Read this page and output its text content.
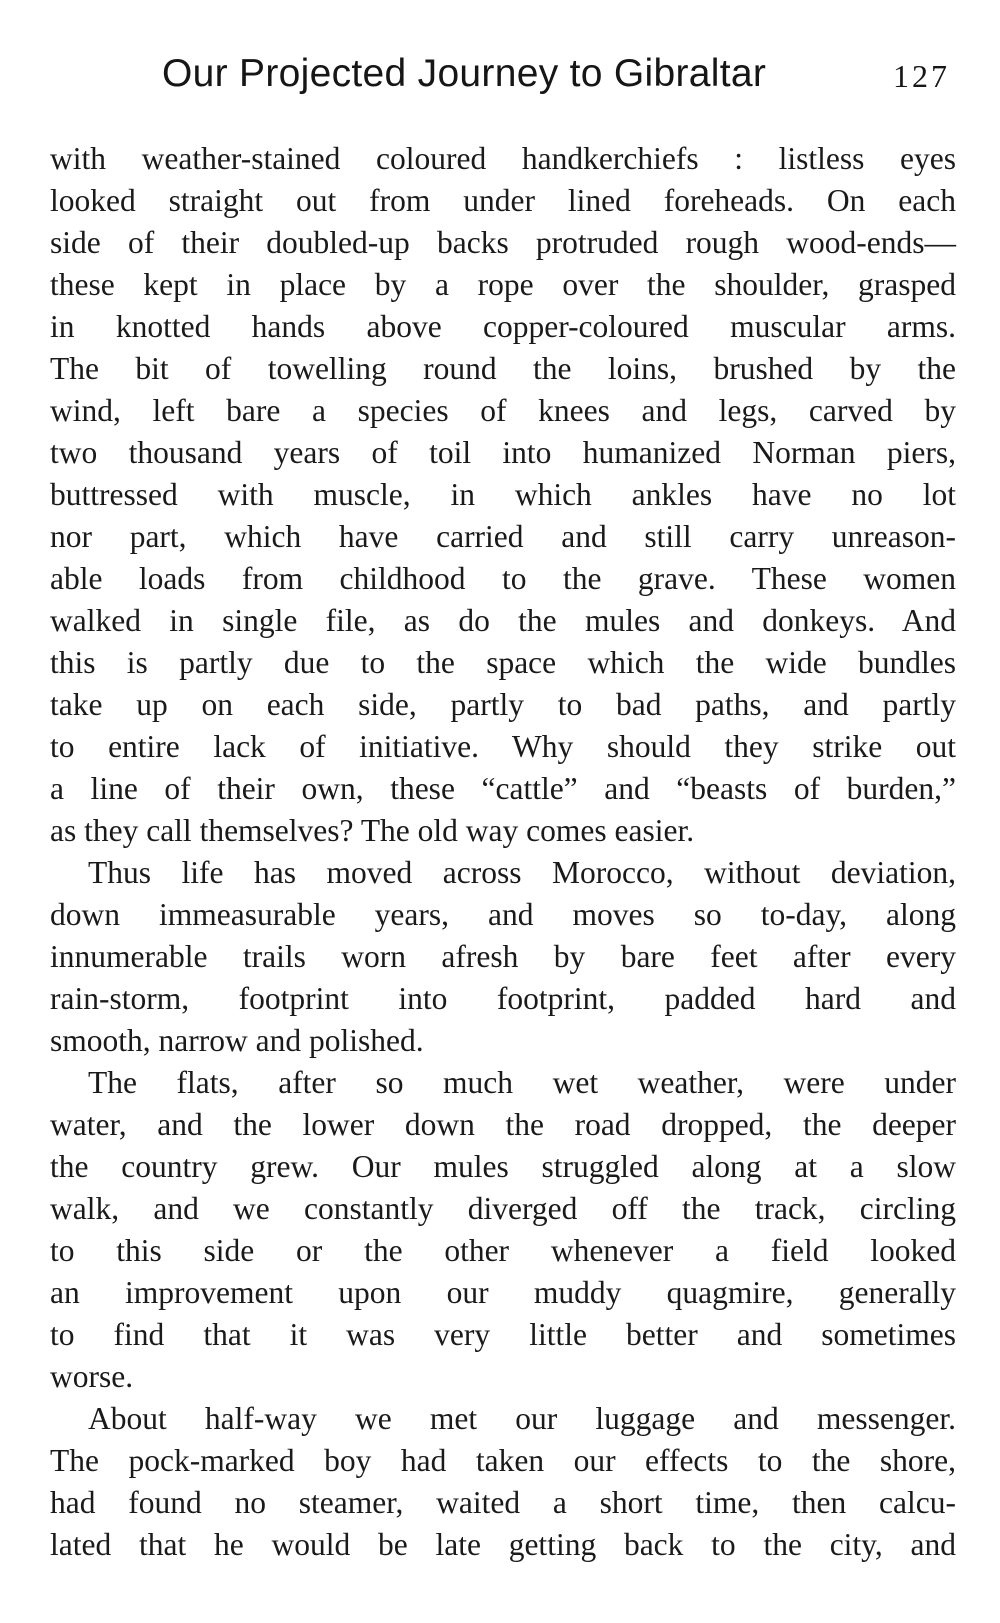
Our Projected Journey to Gibraltar	127
with weather-stained coloured handkerchiefs : listless eyes
looked straight out from under lined foreheads. On each
side of their doubled-up backs protruded rough wood-ends—
these kept in place by a rope over the shoulder, grasped
in knotted hands above copper-coloured muscular arms.
The bit of towelling round the loins, brushed by the
wind, left bare a species of knees and legs, carved by
two thousand years of toil into humanized Norman piers,
buttressed with muscle, in which ankles have no lot
nor part, which have carried and still carry unreason-
able loads from childhood to the grave. These women
walked in single file, as do the mules and donkeys. And
this is partly due to the space which the wide bundles
take up on each side, partly to bad paths, and partly
to entire lack of initiative. Why should they strike out
a line of their own, these “cattle” and “beasts of burden,”
as they call themselves? The old way comes easier.
Thus life has moved across Morocco, without deviation,
down immeasurable years, and moves so to-day, along
innumerable trails worn afresh by bare feet after every
rain-storm, footprint into footprint, padded hard and
smooth, narrow and polished.
The flats, after so much wet weather, were under
water, and the lower down the road dropped, the deeper
the country grew. Our mules struggled along at a slow
walk, and we constantly diverged off the track, circling
to this side or the other whenever a field looked
an improvement upon our muddy quagmire, generally
to find that it was very little better and sometimes
worse.
About half-way we met our luggage and messenger.
The pock-marked boy had taken our effects to the shore,
had found no steamer, waited a short time, then calcu-
lated that he would be late getting back to the city, and
